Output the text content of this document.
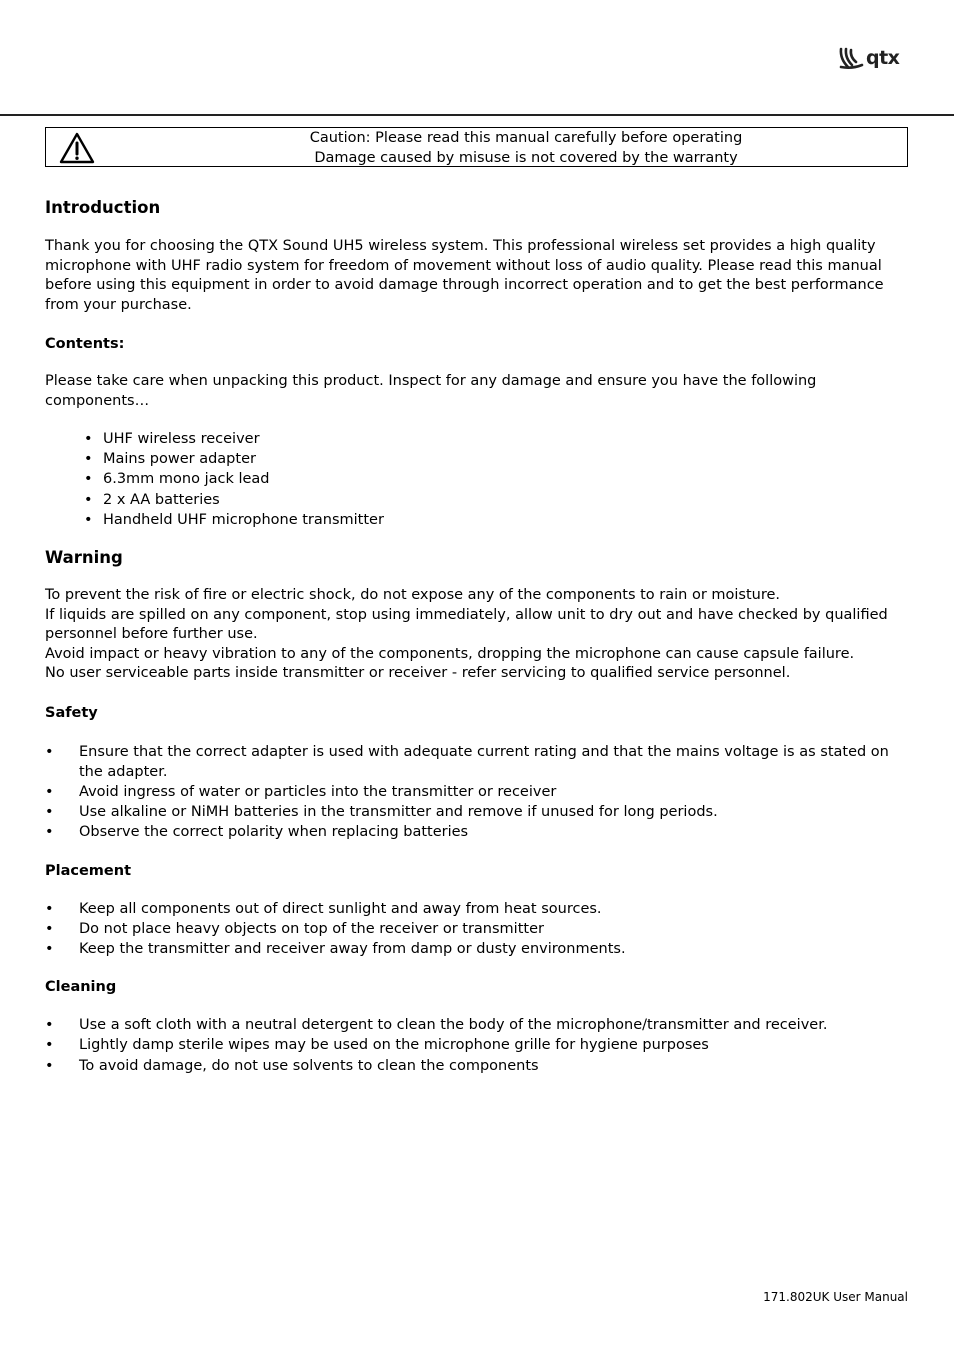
qtx
Caution: Please read this manual carefully before operating
Damage caused by misuse is not covered by the warranty
Introduction

Thank you for choosing the QTX Sound UH5 wireless system. This professional wireless set provides a high quality microphone with UHF radio system for freedom of movement without loss of audio quality. Please read this manual before using this equipment in order to avoid damage through incorrect operation and to get the best performance from your purchase.

Contents:

Please take care when unpacking this product. Inspect for any damage and ensure you have the following components…

• UHF wireless receiver
• Mains power adapter
• 6.3mm mono jack lead
• 2 x AA batteries
• Handheld UHF microphone transmitter
Warning

To prevent the risk of fire or electric shock, do not expose any of the components to rain or moisture.

If liquids are spilled on any component, stop using immediately, allow unit to dry out and have checked by qualified personnel before further use.

Avoid impact or heavy vibration to any of the components, dropping the microphone can cause capsule failure.

No user serviceable parts inside transmitter or receiver - refer servicing to qualified service personnel.

Safety
• Ensure that the correct adapter is used with adequate current rating and that the mains voltage is as stated on the adapter.
• Avoid ingress of water or particles into the transmitter or receiver
• Use alkaline or NiMH batteries in the transmitter and remove if unused for long periods.
• Observe the correct polarity when replacing batteries
Placement
• Keep all components out of direct sunlight and away from heat sources.
• Do not place heavy objects on top of the receiver or transmitter
• Keep the transmitter and receiver away from damp or dusty environments.
Cleaning
• Use a soft cloth with a neutral detergent to clean the body of the microphone/transmitter and receiver.
• Lightly damp sterile wipes may be used on the microphone grille for hygiene purposes
• To avoid damage, do not use solvents to clean the components
171.802UK User Manual
